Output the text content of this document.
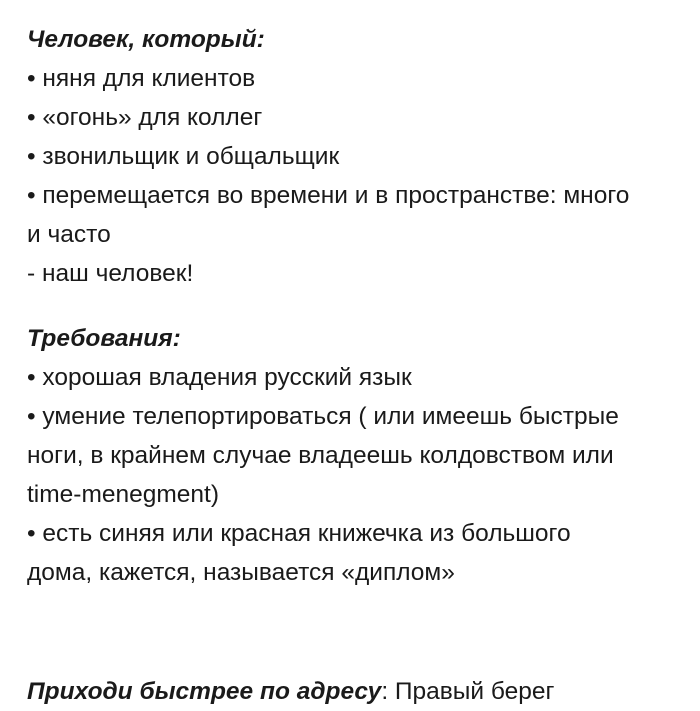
Человек, который:

• няня для клиентов

• «огонь» для коллег

• звонильщик и общальщик

• перемещается во времени и в пространстве: много

и часто

- наш человек!

Требования:

• хорошая владения русский язык

• умение телепортироваться ( или имеешь быстрые

ноги, в крайнем случае владеешь колдовством или

time-menegment)

• есть синяя или красная книжечка из большого

дома, кажется, называется «диплом»

Приходи быстрее по адресу: Правый берег
